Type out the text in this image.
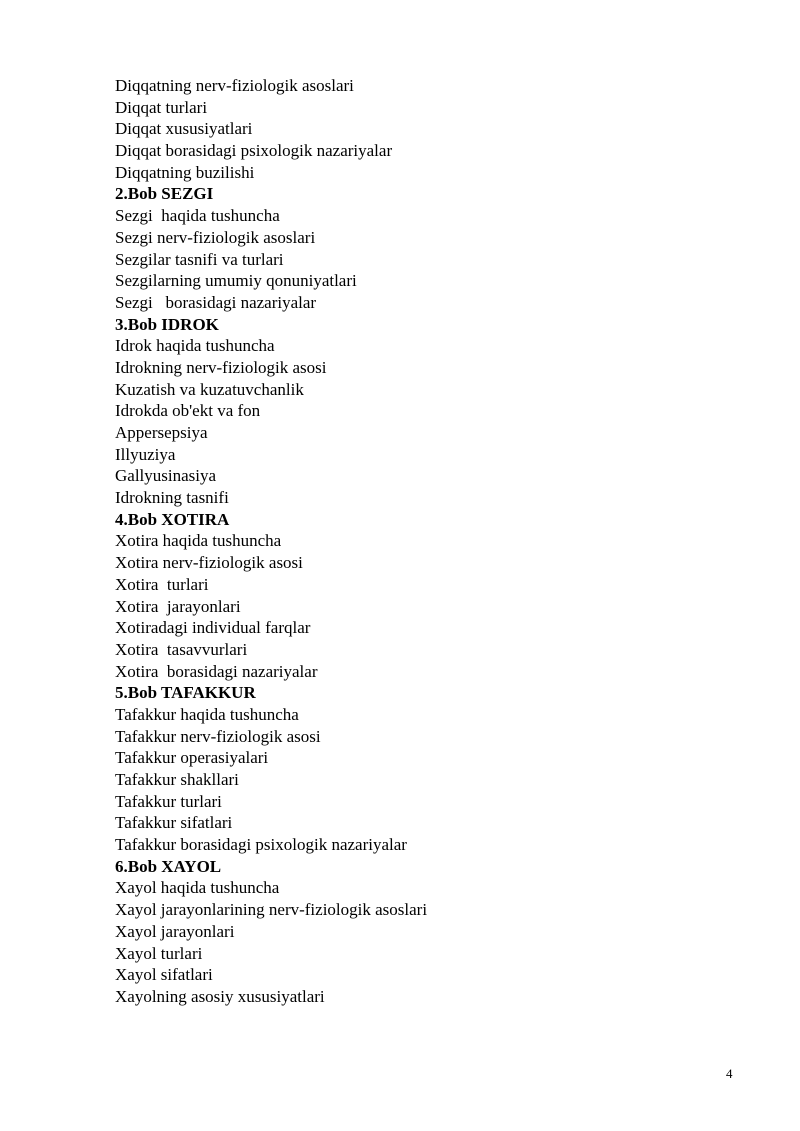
Diqqatning nerv-fiziologik asoslari
Diqqat turlari
Diqqat xususiyatlari
Diqqat borasidagi psixologik nazariyalar
Diqqatning buzilishi
2.Bob SEZGI
Sezgi  haqida tushuncha
Sezgi nerv-fiziologik asoslari
Sezgilar tasnifi va turlari
Sezgilarning umumiy qonuniyatlari
Sezgi   borasidagi nazariyalar
3.Bob IDROK
Idrok haqida tushuncha
Idrokning nerv-fiziologik asosi
Kuzatish va kuzatuvchanlik
Idrokda ob'ekt va fon
Appersepsiya
Illyuziya
Gallyusinasiya
Idrokning tasnifi
4.Bob XOTIRA
Xotira haqida tushuncha
Xotira nerv-fiziologik asosi
Xotira  turlari
Xotira  jarayonlari
Xotiradagi individual farqlar
Xotira  tasavvurlari
Xotira  borasidagi nazariyalar
5.Bob TAFAKKUR
Tafakkur haqida tushuncha
Tafakkur nerv-fiziologik asosi
Tafakkur operasiyalari
Tafakkur shakllari
Tafakkur turlari
Tafakkur sifatlari
Tafakkur borasidagi psixologik nazariyalar
6.Bob XAYOL
Xayol haqida tushuncha
Xayol jarayonlarining nerv-fiziologik asoslari
Xayol jarayonlari
Xayol turlari
Xayol sifatlari
Xayolning asosiy xususiyatlari
4
